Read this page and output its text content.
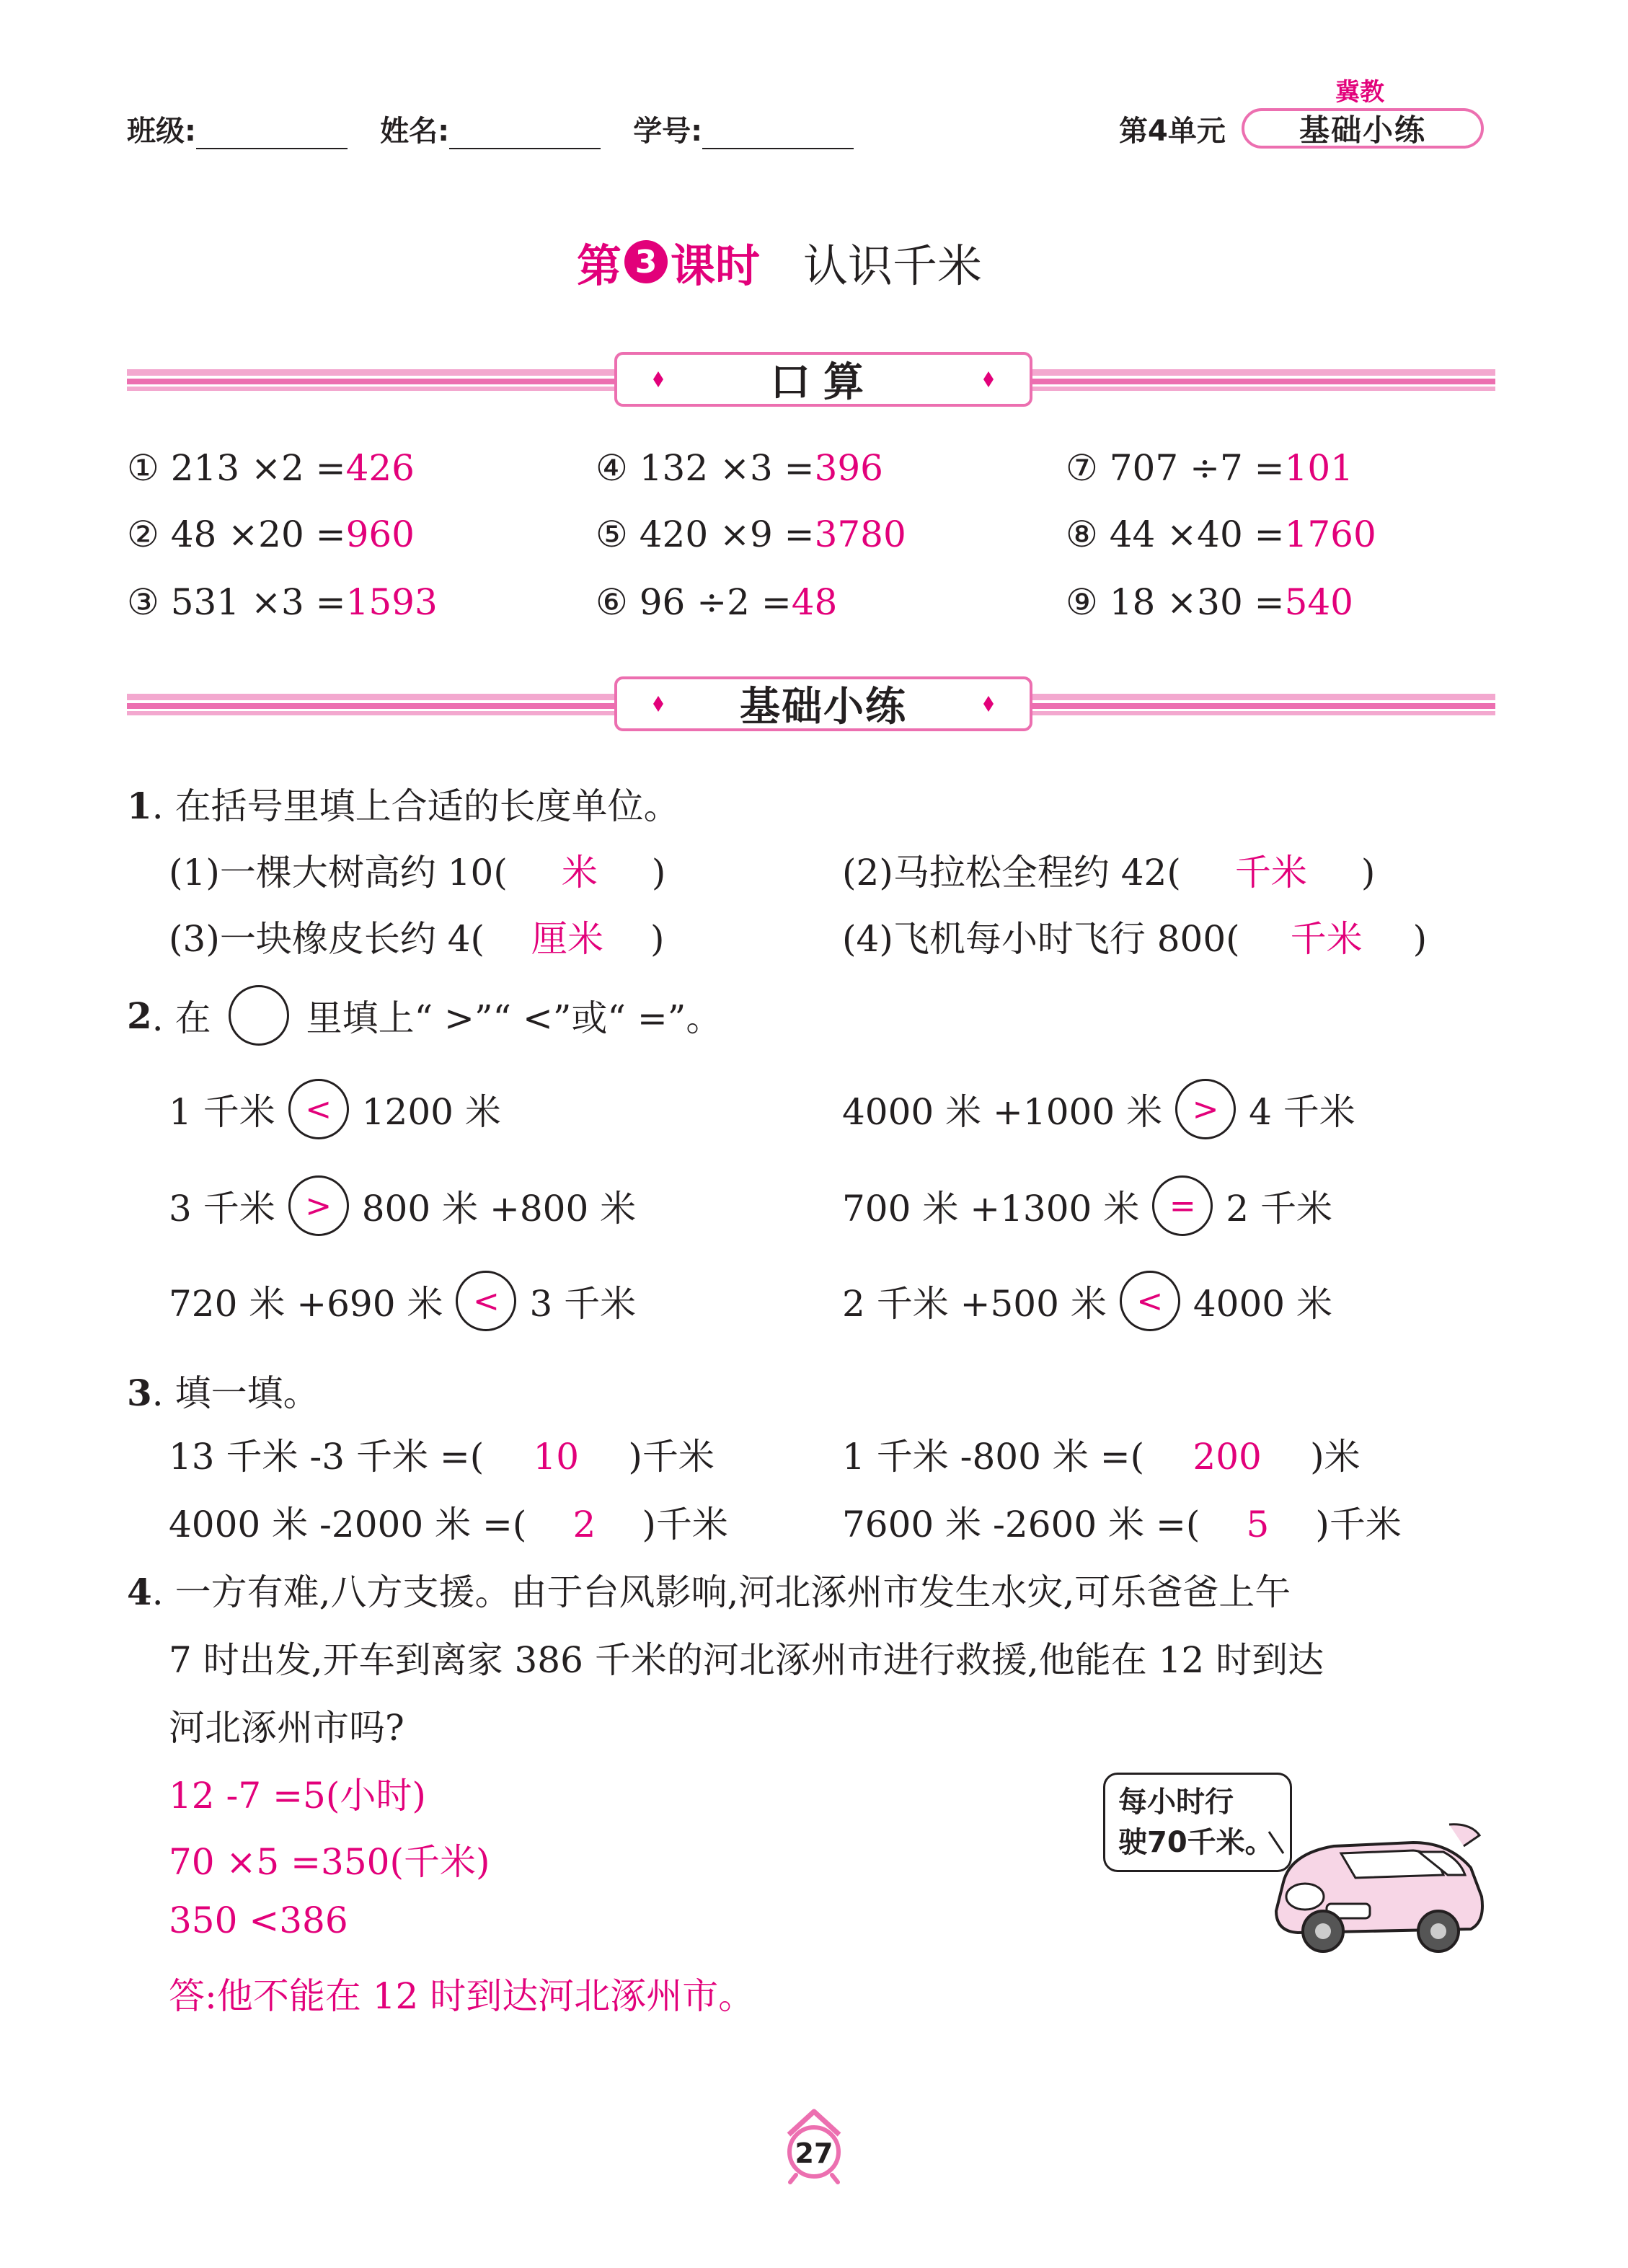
班级:	姓名:	学号:	第4单元
冀教
基础小练
第 3 课时 认识千米
口算
① 213 ×2 =426	④ 132 ×3 =396	⑦ 707 ÷7 =101
② 48 ×20 =960	⑤ 420 ×9 =3780	⑧ 44 ×40 =1760
③ 531 ×3 =1593	⑥ 96 ÷2 =48	⑨ 18 ×30 =540
基础小练
1. 在括号里填上合适的长度单位。
(1)一棵大树高约 10( 米 )	(2)马拉松全程约 42( 千米 )
(3)一块橡皮长约 4( 厘米 )	(4)飞机每小时飞行 800( 千米 )
2 . 在	里填上“ >”“ <”或“ =”。
1 千米 < 1200 米	4000 米 +1000 米 > 4 千米
3 千米 > 800 米 +800 米	700 米 +1300 米 = 2 千米
720 米 +690 米 < 3 千米	2 千米 +500 米 < 4000 米
3. 填一填。
13 千米 -3 千米 =( 10 )千米	1 千米 -800 米 =( 200 )米
4000 米 -2000 米 =( 2 )千米	7600 米 -2600 米 =( 5 )千米
4. 一方有难,八方支援。由于台风影响,河北涿州市发生水灾,可乐爸爸上午
7 时出发,开车到离家 386 千米的河北涿州市进行救援,他能在 12 时到达
河北涿州市吗?
12 -7 =5(小时)
70 ×5 =350(千米)
350 <386
答:他不能在 12 时到达河北涿州市。
每小时行
驶70千米。
27
